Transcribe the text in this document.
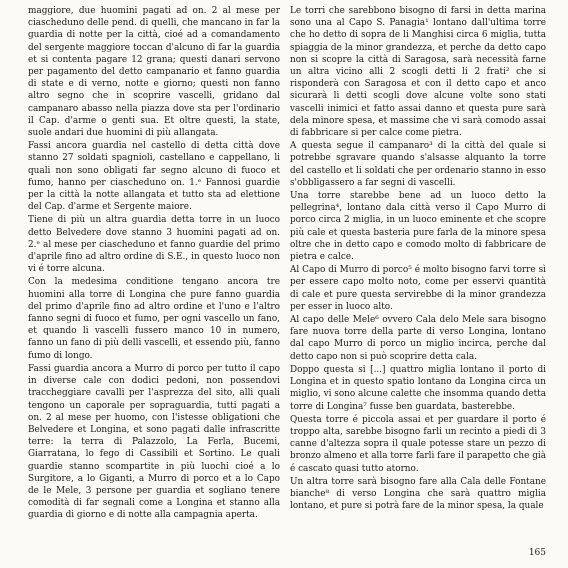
maggiore, due huomini pagati ad on. 2 al mese per ciascheduno delle pend. di quelli, che mancano in far la guardia di notte per la città, cioé ad a comandamento del sergente maggiore toccan d'alcuno di far la guardia et si contenta pagare 12 grana; questi danari servono per pagamento del detto campanario et fanno guardia di state e di verno, notte e giorno; questi non fanno altro segno che in scoprire vascelli, gridano dal campanaro abasso nella piazza dove sta per l'ordinario il Cap. d'arme o genti sua. Et oltre questi, la state, suole andari due huomini di più allangata.

Fassi ancora guardia nel castello di detta città dove stanno 27 soldati spagnioli, castellano e cappellano, li quali non sono obligati far segno alcuno di fuoco et fumo, hanno per ciascheduno on. 1.ᵉ Fannosi guardie per la città la notte allangata et tutto sta ad elettione del Cap. d'arme et Sergente maiore.

Tiene di più un altra guardia detta torre in un luoco detto Belvedere dove stanno 3 huomini pagati ad on. 2.ᵉ al mese per ciascheduno et fanno guardie del primo d'aprile fino ad altro ordine di S.E., in questo luoco non vi é torre alcuna.

Con la medesima conditione tengano ancora tre huomini alla torre di Longina che pure fanno guardia del primo d'aprile fino ad altro ordine et l'uno e l'altro fanno segni di fuoco et fumo, per ogni vascello un fano, et quando li vascelli fussero manco 10 in numero, fanno un fano di più delli vascelli, et essendo più, fanno fumo di longo.

Fassi guardia ancora a Murro di porco per tutto il capo in diverse cale con dodici pedoni, non possendovi traccheggiare cavalli per l'asprezza del sito, alli quali tengono un caporale per sopraguardia, tutti pagati a on. 2 al mese per huomo, con l'istesse obligationi che Belvedere et Longina, et sono pagati dalle infrascritte terre: la terra di Palazzolo, La Ferla, Bucemi, Giarratana, lo fego di Cassibili et Sortino. Le quali guardie stanno scompartite in più luochi cioé a lo Surgitore, a lo Giganti, a Murro di porco et a lo Capo de le Mele, 3 persone per guardia et sogliano tenere comodità di far segnali come a Longina et stanno alla guardia di giorno e di notte alla campagnia aperta.

Le torri che sarebbono bisogno di farsi in detta marina sono una al Capo S. Panagia¹ lontano dall'ultima torre che ho detto di sopra de li Manghisi circa 6 miglia, tutta spiaggia de la minor grandezza, et perche da detto capo non si scopre la città di Saragosa, sarà necessità farne un altra vicino alli 2 scogli detti li 2 frati² che si risponderà con Saragosa et con il detto capo et anco sicurarà li detti scogli dove alcune volte sono stati vascelli inimici et fatto assai danno et questa pure sarà dela minore spesa, et massime che vi sarà comodo assai di fabbricare si per calce come pietra.

A questa segue il campanaro³ di la città del quale si potrebbe sgravare quando s'alsasse alquanto la torre del castello et li soldati che per ordenario stanno in esso s'obbligassero a far segni di vascelli.

Una torre starebbe bene ad un luoco detto la pellegrina⁴, lontano dala città verso il Capo Murro di porco circa 2 miglia, in un luoco eminente et che scopre più cale et questa basteria pure farla de la minore spesa oltre che in detto capo e comodo molto di fabbricare de pietra e calce.

Al Capo di Murro di porco⁵ é molto bisogno farvi torre sì per essere capo molto noto, come per esservi quantità di cale et pure questa servirebbe di la minor grandezza per esser in luoco alto.

Al capo delle Mele⁶ ovvero Cala delo Mele sara bisogno fare nuova torre della parte di verso Longina, lontano dal capo Murro di porco un miglio incirca, perche dal detto capo non si può scoprire detta cala.

Doppo questa si [...] quattro miglia lontano il porto di Longina et in questo spatio lontano da Longina circa un miglio, vi sono alcune calette che insomma quando detta torre di Longina⁷ fusse ben guardata, basterebbe.

Questa torre é piccola assai et per guardare il porto é troppo alta, sarebbe bisogno farli un recinto a piedi di 3 canne d'altezza sopra il quale potesse stare un pezzo di bronzo almeno et alla torre farli fare il parapetto che già é cascato quasi tutto atorno.

Un altra torre sarà bisogno fare alla Cala delle Fontane bianche⁸ di verso Longina che sarà quattro miglia lontano, et pure si potrà fare de la minor spesa, la quale

165
